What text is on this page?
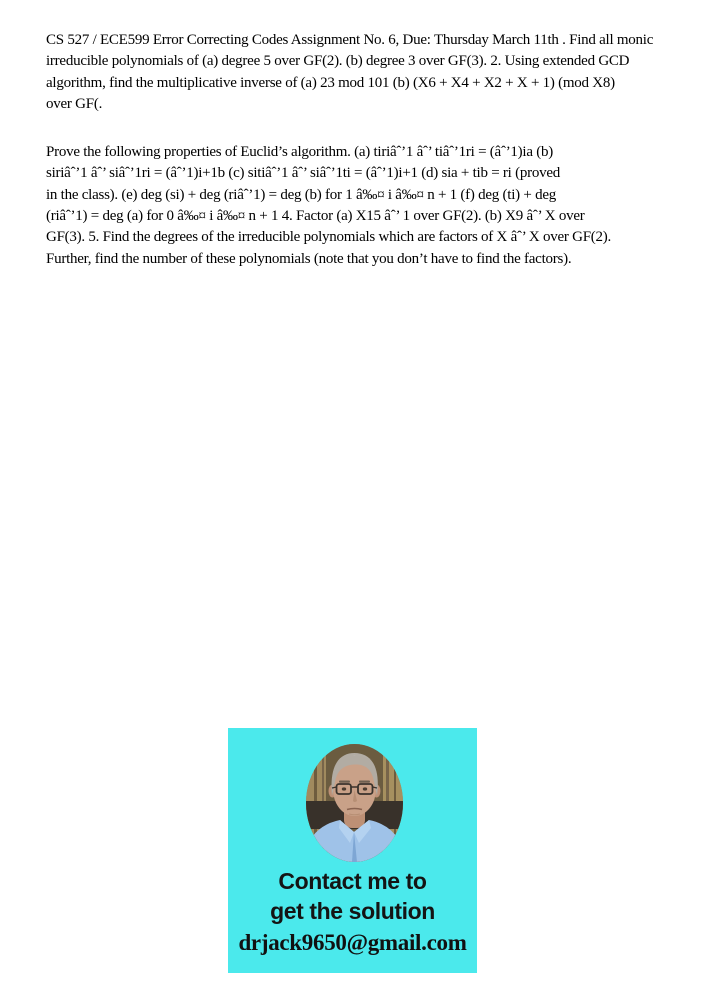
CS 527 / ECE599 Error Correcting Codes Assignment No. 6, Due: Thursday March 11th . Find all monic
irreducible polynomials of (a) degree 5 over GF(2). (b) degree 3 over GF(3). 2. Using extended GCD
algorithm, find the multiplicative inverse of (a) 23 mod 101 (b) (X6 + X4 + X2 + X + 1) (mod X8)
over GF(.
Prove the following properties of Euclid’s algorithm. (a) tiriâˆ’1 âˆ’ tiâˆ’1ri = (âˆ’1)ia (b)
siriâˆ’1 âˆ’ siâˆ’1ri = (âˆ’1)i+1b (c) sitiâˆ’1 âˆ’ siâˆ’1ti = (âˆ’1)i+1 (d) sia + tib = ri (proved
in the class). (e) deg (si) + deg (riâˆ’1) = deg (b) for 1 â‰¤ i â‰¤ n + 1 (f) deg (ti) + deg
(riâˆ’1) = deg (a) for 0 â‰¤ i â‰¤ n + 1 4. Factor (a) X15 âˆ’ 1 over GF(2). (b) X9 âˆ’ X over
GF(3). 5. Find the degrees of the irreducible polynomials which are factors of X âˆ’ X over GF(2).
Further, find the number of these polynomials (note that you don’t have to find the factors).
Contact me to
get the solution
drjack9650@gmail.com
